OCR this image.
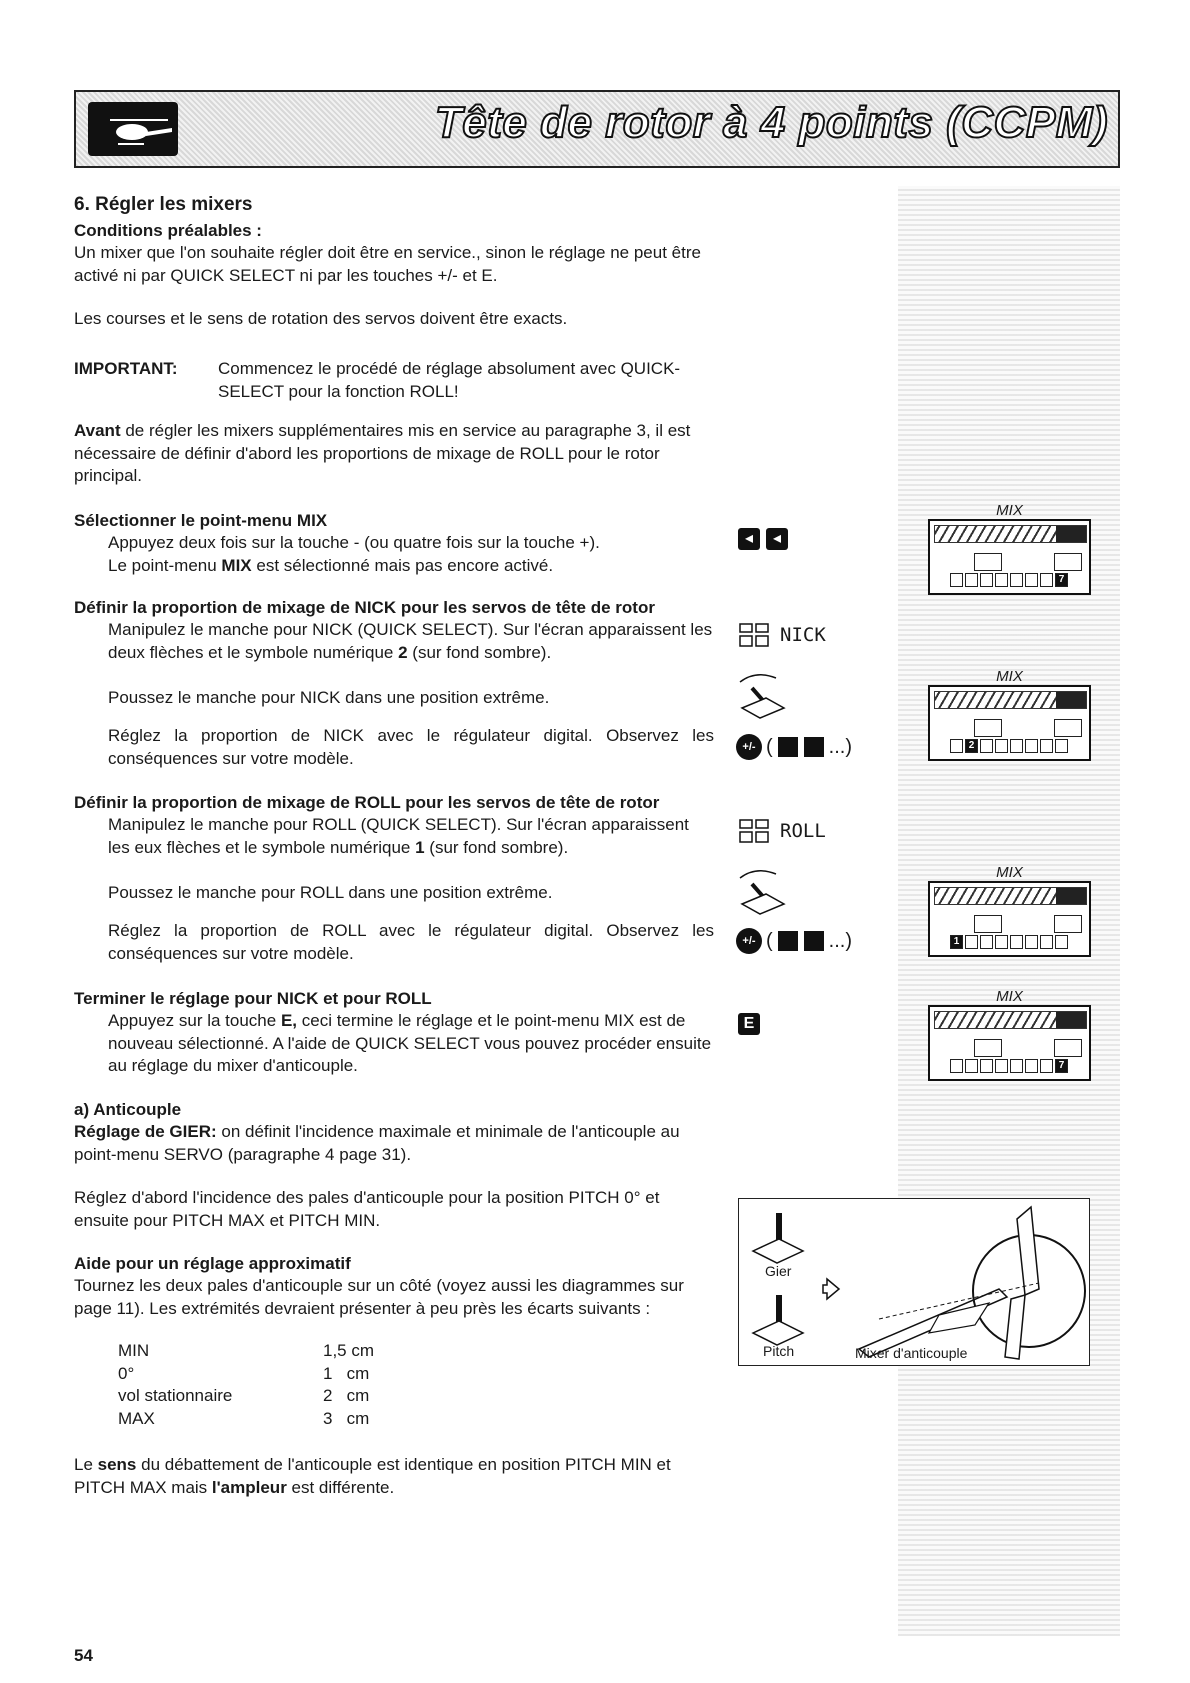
Tête de rotor à 4 points (CCPM)
6. Régler les mixers
Conditions préalables :
Un mixer que l'on souhaite régler doit être en service., sinon le réglage ne peut être activé ni par QUICK SELECT ni par les touches +/- et E.
Les courses et le sens de rotation des servos doivent être exacts.
IMPORTANT: Commencez le procédé de réglage absolument avec QUICK-SELECT pour la fonction ROLL!
Avant de régler les mixers supplémentaires mis en service au paragraphe 3, il est nécessaire de définir d'abord les proportions de mixage de ROLL pour le rotor principal.
Sélectionner le point-menu MIX
Appuyez deux fois sur la touche - (ou quatre fois sur la touche +).
Le point-menu MIX est sélectionné mais pas encore activé.
Définir la proportion de mixage de NICK pour les servos de tête de rotor
Manipulez le manche pour NICK (QUICK SELECT). Sur l'écran apparaissent les deux flèches et le symbole numérique 2 (sur fond sombre).
Poussez le manche pour NICK dans une position extrême.
Réglez la proportion de NICK avec le régulateur digital. Observez les conséquences sur votre modèle.
Définir la proportion de mixage de ROLL pour les servos de tête de rotor
Manipulez le manche pour ROLL (QUICK SELECT). Sur l'écran apparaissent les eux flèches et le symbole numérique 1 (sur fond sombre).
Poussez le manche pour ROLL dans une position extrême.
Réglez la proportion de ROLL avec le régulateur digital. Observez les conséquences sur votre modèle.
Terminer le réglage pour NICK et pour ROLL
Appuyez sur la touche E, ceci termine le réglage et le point-menu MIX est de nouveau sélectionné. A l'aide de QUICK SELECT vous pouvez procéder ensuite au réglage du mixer d'anticouple.
a) Anticouple
Réglage de GIER: on définit l'incidence maximale et minimale de l'anticouple au point-menu SERVO (paragraphe 4 page 31).
Réglez d'abord l'incidence des pales d'anticouple pour la position PITCH 0° et ensuite pour PITCH MAX et PITCH MIN.
Aide pour un réglage approximatif
Tournez les deux pales d'anticouple sur un côté (voyez aussi les diagrammes sur page 11). Les extrémités devraient présenter à peu près les écarts suivants :
MIN	1,5 cm
0°	1   cm
vol stationnaire	2   cm
MAX	3   cm
Le sens du débattement de l'anticouple est identique en position PITCH MIN et PITCH MAX mais l'ampleur est différente.
54
◂	◂
NICK
+/- (	...)
ROLL
+/- (	...)
E
MIX
7
MIX
2
MIX
1
MIX
7
Gier
Pitch	Mixer d'anticouple
